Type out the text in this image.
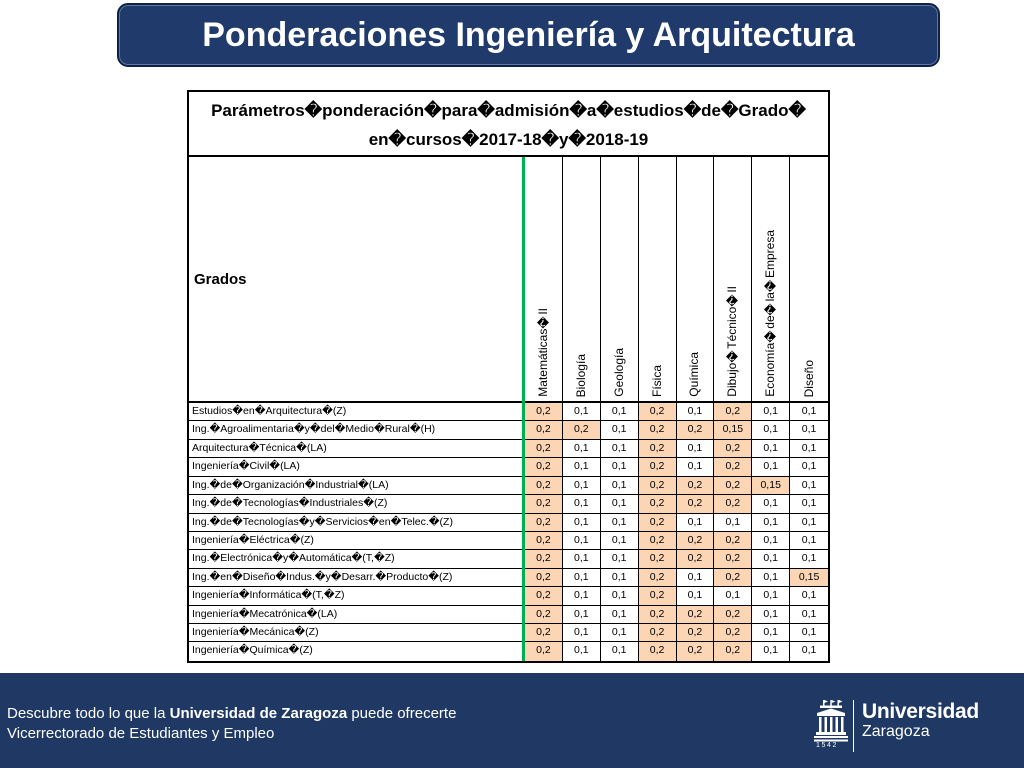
Ponderaciones Ingeniería y Arquitectura
Parámetros�ponderación�para�admisión�a�estudios�de�Grado�
en�cursos�2017-18�y�2018-19
Grados
Matemáticas�II Biología Geología Física Química Dibujo�Técnico�II Economía�de�la�Empresa Diseño
Estudios�en�Arquitectura�(Z)	0,2	0,1	0,1	0,2	0,1	0,2	0,1	0,1
Ing.�Agroalimentaria�y�del�Medio�Rural�(H)	0,2	0,2	0,1	0,2	0,2	0,15	0,1	0,1
Arquitectura�Técnica�(LA)	0,2	0,1	0,1	0,2	0,1	0,2	0,1	0,1
Ingeniería�Civil�(LA)	0,2	0,1	0,1	0,2	0,1	0,2	0,1	0,1
Ing.�de�Organización�Industrial�(LA)	0,2	0,1	0,1	0,2	0,2	0,2	0,15	0,1
Ing.�de�Tecnologías�Industriales�(Z)	0,2	0,1	0,1	0,2	0,2	0,2	0,1	0,1
Ing.�de�Tecnologías�y�Servicios�en�Telec.�(Z)	0,2	0,1	0,1	0,2	0,1	0,1	0,1	0,1
Ingeniería�Eléctrica�(Z)	0,2	0,1	0,1	0,2	0,2	0,2	0,1	0,1
Ing.�Electrónica�y�Automática�(T,�Z)	0,2	0,1	0,1	0,2	0,2	0,2	0,1	0,1
Ing.�en�Diseño�Indus.�y�Desarr.�Producto�(Z)	0,2	0,1	0,1	0,2	0,1	0,2	0,1	0,15
Ingeniería�Informática�(T,�Z)	0,2	0,1	0,1	0,2	0,1	0,1	0,1	0,1
Ingeniería�Mecatrónica�(LA)	0,2	0,1	0,1	0,2	0,2	0,2	0,1	0,1
Ingeniería�Mecánica�(Z)	0,2	0,1	0,1	0,2	0,2	0,2	0,1	0,1
Ingeniería�Química�(Z)	0,2	0,1	0,1	0,2	0,2	0,2	0,1	0,1
Descubre todo lo que la Universidad de Zaragoza puede ofrecerte
Vicerrectorado de Estudiantes y Empleo
1542
Universidad
Zaragoza
